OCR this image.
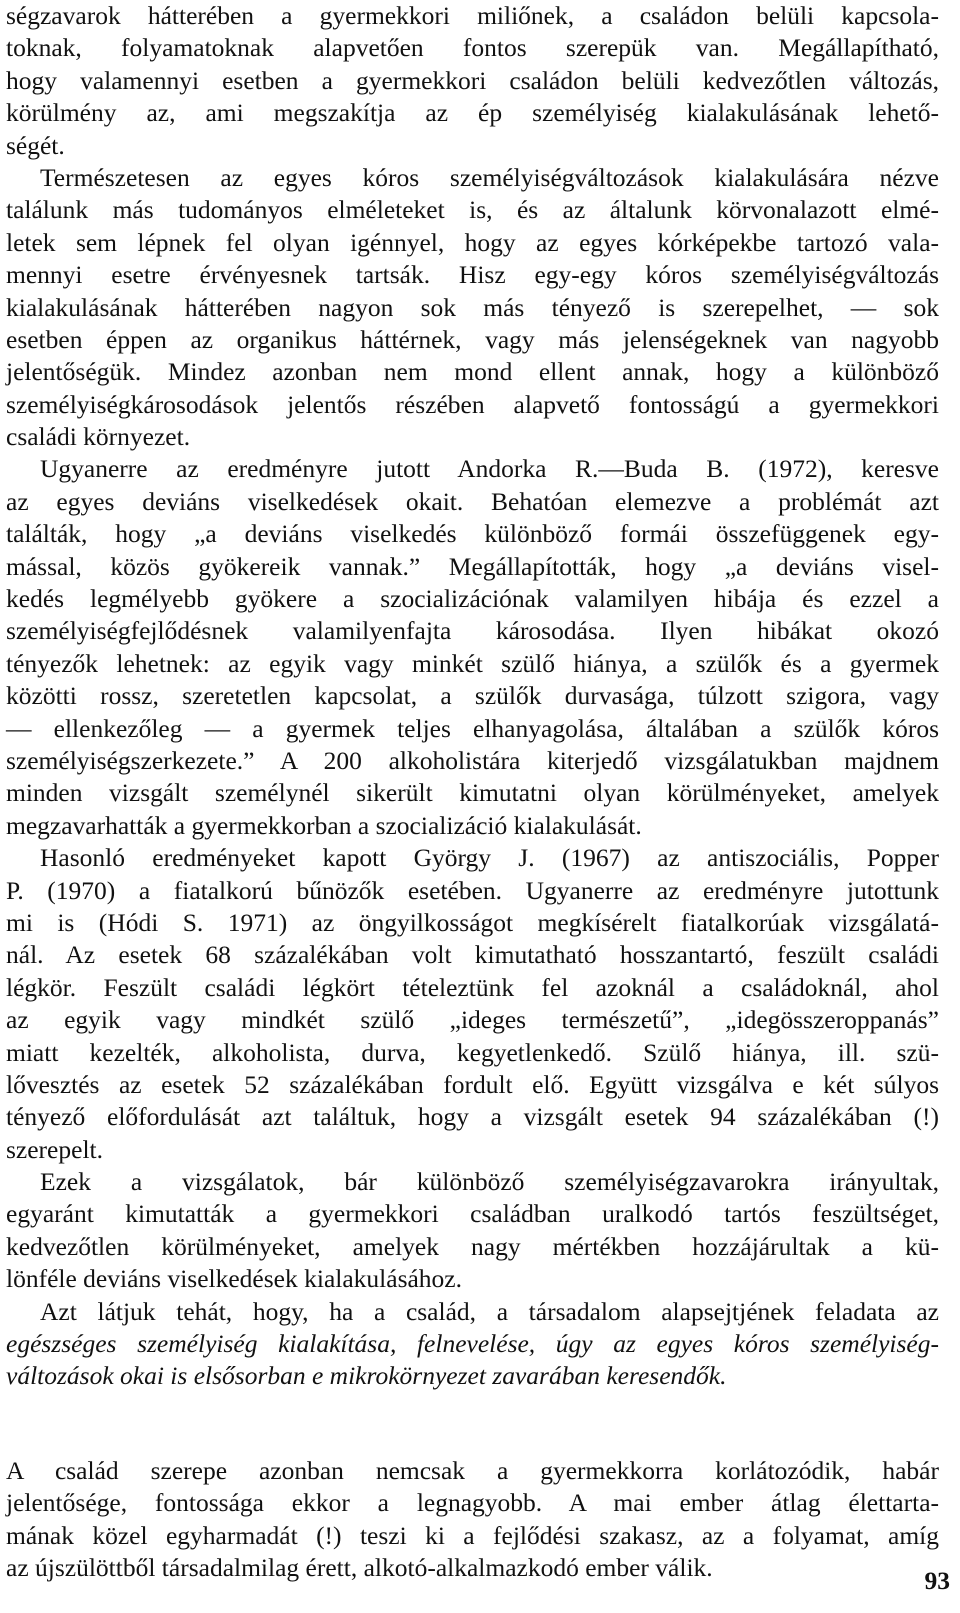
ségzavarok hátterében a gyermekkori miliőnek, a családon belüli kapcsola-
toknak, folyamatoknak alapvetően fontos szerepük van. Megállapítható,
hogy valamennyi esetben a gyermekkori családon belüli kedvezőtlen változás,
körülmény az, ami megszakítja az ép személyiség kialakulásának lehető-
ségét.
Természetesen az egyes kóros személyiségváltozások kialakulására nézve
találunk más tudományos elméleteket is, és az általunk körvonalazott elmé-
letek sem lépnek fel olyan igénnyel, hogy az egyes kórképekbe tartozó vala-
mennyi esetre érvényesnek tartsák. Hisz egy-egy kóros személyiségváltozás
kialakulásának hátterében nagyon sok más tényező is szerepelhet, — sok
esetben éppen az organikus háttérnek, vagy más jelenségeknek van nagyobb
jelentőségük. Mindez azonban nem mond ellent annak, hogy a különböző
személyiségkárosodások jelentős részében alapvető fontosságú a gyermekkori
családi környezet.
Ugyanerre az eredményre jutott Andorka R.—Buda B. (1972), keresve
az egyes deviáns viselkedések okait. Behatóan elemezve a problémát azt
találták, hogy „a deviáns viselkedés különböző formái összefüggenek egy-
mással, közös gyökereik vannak.” Megállapították, hogy „a deviáns visel-
kedés legmélyebb gyökere a szocializációnak valamilyen hibája és ezzel a
személyiségfejlődésnek valamilyenfajta károsodása. Ilyen hibákat okozó
tényezők lehetnek: az egyik vagy minkét szülő hiánya, a szülők és a gyermek
közötti rossz, szeretetlen kapcsolat, a szülők durvasága, túlzott szigora, vagy
— ellenkezőleg — a gyermek teljes elhanyagolása, általában a szülők kóros
személyiségszerkezete.” A 200 alkoholistára kiterjedő vizsgálatukban majdnem
minden vizsgált személynél sikerült kimutatni olyan körülményeket, amelyek
megzavarhatták a gyermekkorban a szocializáció kialakulását.
Hasonló eredményeket kapott György J. (1967) az antiszociális, Popper
P. (1970) a fiatalkorú bűnözők esetében. Ugyanerre az eredményre jutottunk
mi is (Hódi S. 1971) az öngyilkosságot megkísérelt fiatalkorúak vizsgálatá-
nál. Az esetek 68 százalékában volt kimutatható hosszantartó, feszült családi
légkör. Feszült családi légkört tételeztünk fel azoknál a családoknál, ahol
az egyik vagy mindkét szülő „ideges természetű”, „idegösszeroppanás”
miatt kezelték, alkoholista, durva, kegyetlenkedő. Szülő hiánya, ill. szü-
lővesztés az esetek 52 százalékában fordult elő. Együtt vizsgálva e két súlyos
tényező előfordulását azt találtuk, hogy a vizsgált esetek 94 százalékában (!)
szerepelt.
Ezek a vizsgálatok, bár különböző személyiségzavarokra irányultak,
egyaránt kimutatták a gyermekkori családban uralkodó tartós feszültséget,
kedvezőtlen körülményeket, amelyek nagy mértékben hozzájárultak a kü-
lönféle deviáns viselkedések kialakulásához.
Azt látjuk tehát, hogy, ha a család, a társadalom alapsejtjének feladata az
egészséges személyiség kialakítása, felnevelése, úgy az egyes kóros személyiség-
változások okai is elsősorban e mikrokörnyezet zavarában keresendők.
A család szerepe azonban nemcsak a gyermekkorra korlátozódik, habár
jelentősége, fontossága ekkor a legnagyobb. A mai ember átlag élettarta-
mának közel egyharmadát (!) teszi ki a fejlődési szakasz, az a folyamat, amíg
az újszülöttből társadalmilag érett, alkotó-alkalmazkodó ember válik.	93
